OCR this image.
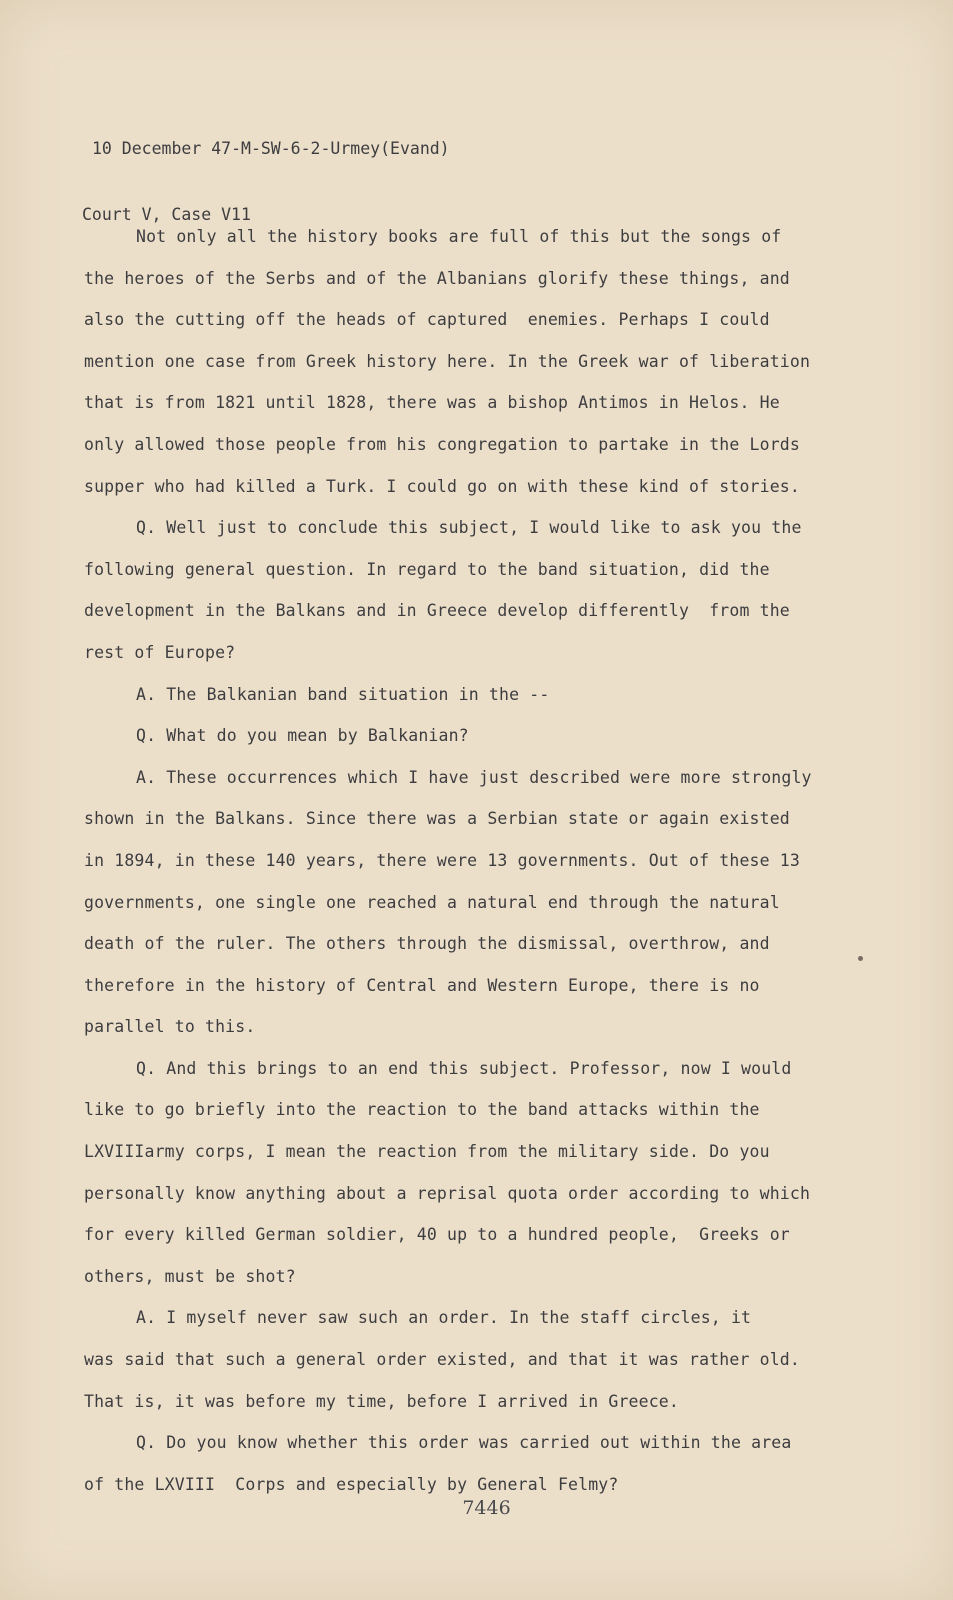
10 December 47-M-SW-6-2-Urmey(Evand)

Court V, Case V11

Not only all the history books are full of this but the songs of
the heroes of the Serbs and of the Albanians glorify these things, and
also the cutting off the heads of captured  enemies. Perhaps I could
mention one case from Greek history here. In the Greek war of liberation
that is from 1821 until 1828, there was a bishop Antimos in Helos. He
only allowed those people from his congregation to partake in the Lords
supper who had killed a Turk. I could go on with these kind of stories.
Q. Well just to conclude this subject, I would like to ask you the
following general question. In regard to the band situation, did the
development in the Balkans and in Greece develop differently  from the
rest of Europe?
A. The Balkanian band situation in the --
Q. What do you mean by Balkanian?
A. These occurrences which I have just described were more strongly
shown in the Balkans. Since there was a Serbian state or again existed
in 1894, in these 140 years, there were 13 governments. Out of these 13
governments, one single one reached a natural end through the natural
death of the ruler. The others through the dismissal, overthrow, and
therefore in the history of Central and Western Europe, there is no
parallel to this.
Q. And this brings to an end this subject. Professor, now I would
like to go briefly into the reaction to the band attacks within the
LXVIIIarmy corps, I mean the reaction from the military side. Do you
personally know anything about a reprisal quota order according to which
for every killed German soldier, 40 up to a hundred people,  Greeks or
others, must be shot?
A. I myself never saw such an order. In the staff circles, it
was said that such a general order existed, and that it was rather old.
That is, it was before my time, before I arrived in Greece.
Q. Do you know whether this order was carried out within the area
of the LXVIII  Corps and especially by General Felmy?
7446
